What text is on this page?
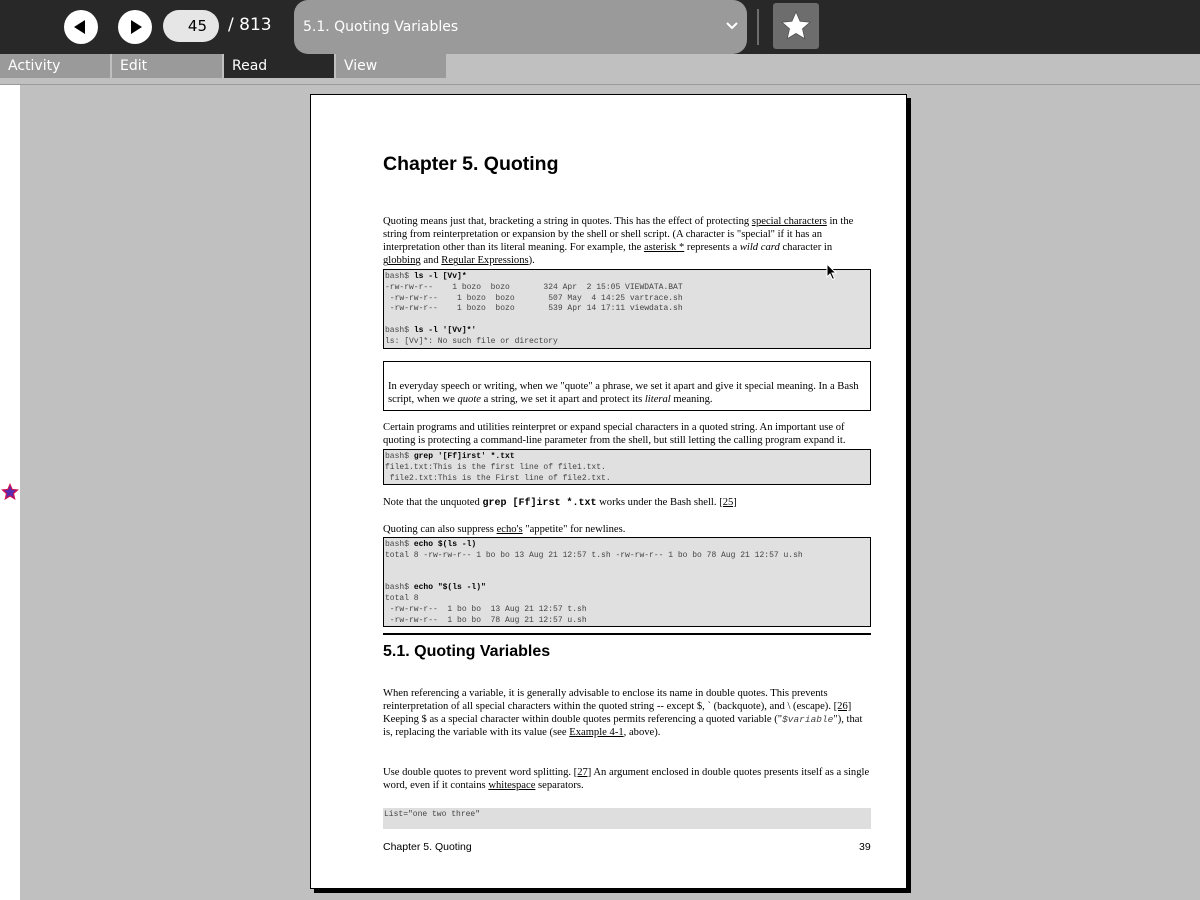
45
/ 813 5.1. Quoting Variables
Activity	Edit	Read	View
Chapter 5. Quoting

Quoting means just that, bracketing a string in quotes. This has the effect of protecting special characters in the string from reinterpretation or expansion by the shell or shell script. (A character is "special" if it has an interpretation other than its literal meaning. For example, the asterisk * represents a wild card character in globbing and Regular Expressions).

bash$ ls -l [Vv]*
-rw-rw-r--    1 bozo  bozo       324 Apr  2 15:05 VIEWDATA.BAT
-rw-rw-r--    1 bozo  bozo       507 May  4 14:25 vartrace.sh
-rw-rw-r--    1 bozo  bozo       539 Apr 14 17:11 viewdata.sh

bash$ ls -l '[Vv]*'
ls: [Vv]*: No such file or directory
In everyday speech or writing, when we "quote" a phrase, we set it apart and give it special meaning. In a Bash script, when we quote a string, we set it apart and protect its literal meaning.

Certain programs and utilities reinterpret or expand special characters in a quoted string. An important use of quoting is protecting a command-line parameter from the shell, but still letting the calling program expand it.

bash$ grep '[Ff]irst' *.txt
file1.txt:This is the first line of file1.txt.
file2.txt:This is the First line of file2.txt.

Note that the unquoted grep [Ff]irst *.txt works under the Bash shell. [25]

Quoting can also suppress echo's "appetite" for newlines.

bash$ echo $(ls -l)
total 8 -rw-rw-r-- 1 bo bo 13 Aug 21 12:57 t.sh -rw-rw-r-- 1 bo bo 78 Aug 21 12:57 u.sh

bash$ echo "$(ls -l)"
total 8
-rw-rw-r--  1 bo bo  13 Aug 21 12:57 t.sh
-rw-rw-r--  1 bo bo  78 Aug 21 12:57 u.sh
5.1. Quoting Variables

When referencing a variable, it is generally advisable to enclose its name in double quotes. This prevents reinterpretation of all special characters within the quoted string -- except $, ` (backquote), and \ (escape). [26] Keeping $ as a special character within double quotes permits referencing a quoted variable ("$variable"), that is, replacing the variable with its value (see Example 4-1, above).

Use double quotes to prevent word splitting. [27] An argument enclosed in double quotes presents itself as a single word, even if it contains whitespace separators.

List="one two three"
Chapter 5. Quoting	39
